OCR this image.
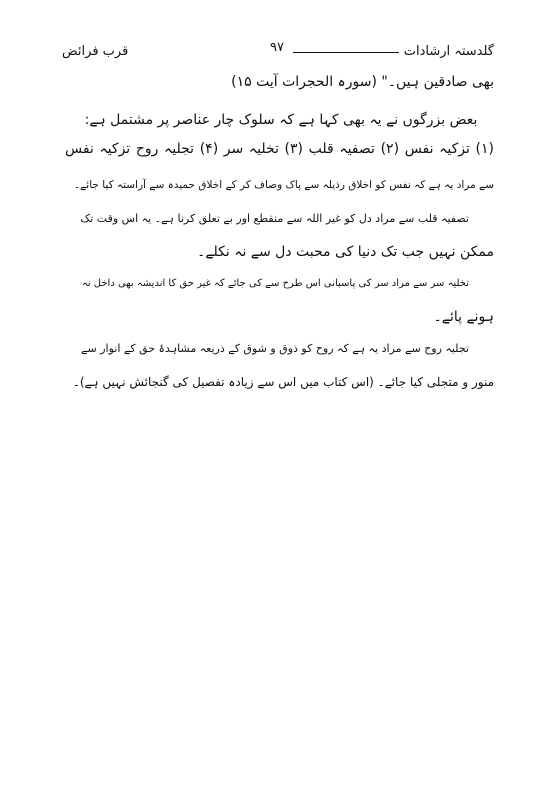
گلدستہ ارشادات
قرب فرائض	۹۷
بھی صادقین ہیں۔" (سورہ الحجرات آیت ۱۵)
بعض بزرگوں نے یہ بھی کہا ہے کہ سلوک چار عناصر پر مشتمل ہے:
(۱) تزکیہ نفس (۲) تصفیہ قلب (۳) تخلیہ سر (۴) تجلیہ روح تزکیہ نفس
سے مراد یہ ہے کہ نفس کو اخلاق رذیلہ سے پاک وصاف کر کے اخلاق حمیدہ سے آراستہ کیا جائے۔
تصفیہ قلب سے مراد دل کو غیر اللہ سے منقطع اور بے تعلق کرنا ہے۔ یہ اس وقت تک
ممکن نہیں جب تک دنیا کی محبت دل سے نہ نکلے۔
تخلیہ سر سے مراد سر کی پاسبانی اس طرح سے کی جائے کہ غیر حق کا اندیشہ بھی داخل نہ
ہونے پائے۔
تجلیہ روح سے مراد یہ ہے کہ روح کو ذوق و شوق کے ذریعہ مشاہدۂ حق کے انوار سے
منور و متجلی کیا جائے۔ (اس کتاب میں اس سے زیادہ تفصیل کی گنجائش نہیں ہے)۔
